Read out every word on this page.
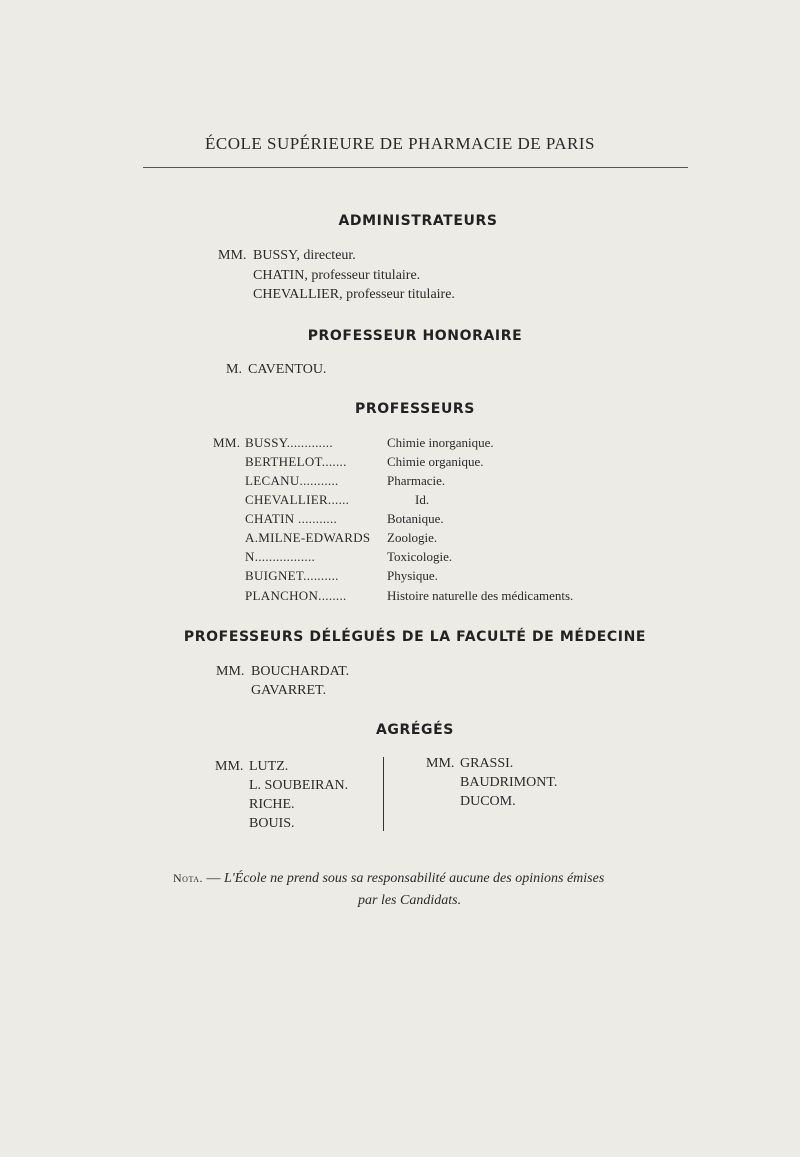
ÉCOLE SUPÉRIEURE DE PHARMACIE DE PARIS
ADMINISTRATEURS
MM. BUSSY, directeur.
CHATIN, professeur titulaire.
CHEVALLIER, professeur titulaire.
PROFESSEUR HONORAIRE
M. CAVENTOU.
PROFESSEURS
MM. BUSSY.............	Chimie inorganique.
BERTHELOT.......	Chimie organique.
LECANU...........	Pharmacie.
CHEVALLIER......	Id.
CHATIN ...........	Botanique.
A.MILNE-EDWARDS Zoologie.
N.................	Toxicologie.
BUIGNET..........	Physique.
PLANCHON........	Histoire naturelle des médicaments.
PROFESSEURS DÉLÉGUÉS DE LA FACULTÉ DE MÉDECINE
MM. BOUCHARDAT.
GAVARRET.
AGRÉGÉS
MM. LUTZ.
L. SOUBEIRAN.
RICHE.
BOUIS.
MM. GRASSI.
BAUDRIMONT.
DUCOM.
Nota. — L'École ne prend sous sa responsabilité aucune des opinions émises
par les Candidats.
